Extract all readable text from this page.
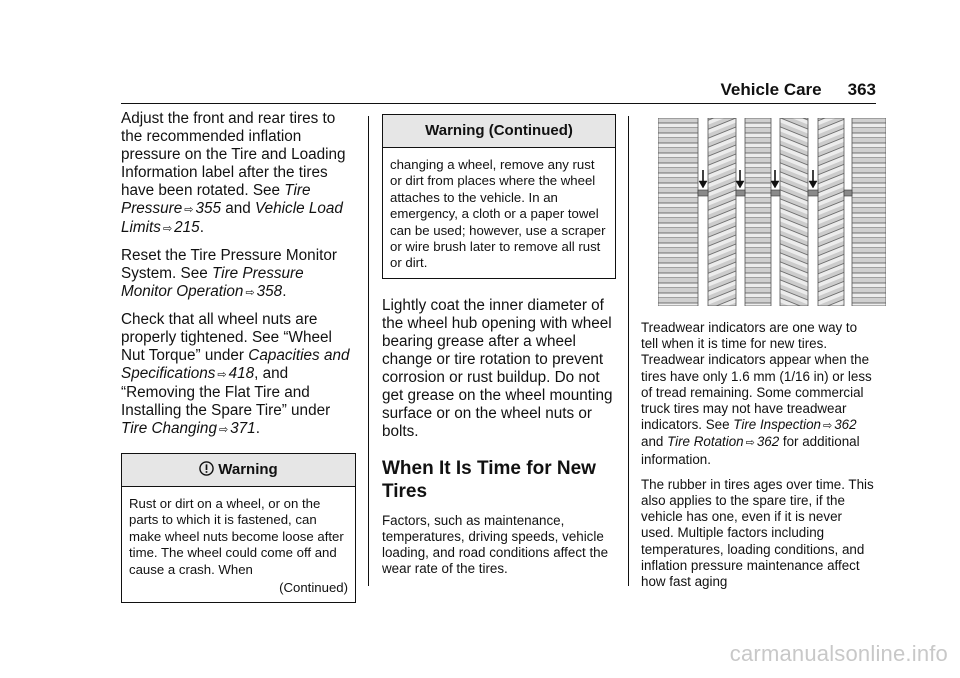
Vehicle Care 363

Adjust the front and rear tires to the recommended inflation pressure on the Tire and Loading Information label after the tires have been rotated. See Tire Pressure ⇨ 355 and Vehicle Load Limits ⇨ 215.

Reset the Tire Pressure Monitor System. See Tire Pressure Monitor Operation ⇨ 358.

Check that all wheel nuts are properly tightened. See “Wheel Nut Torque” under Capacities and Specifications ⇨ 418, and “Removing the Flat Tire and Installing the Spare Tire” under Tire Changing ⇨ 371.

Warning
Rust or dirt on a wheel, or on the parts to which it is fastened, can make wheel nuts become loose after time. The wheel could come off and cause a crash. When
(Continued)
Warning (Continued)
changing a wheel, remove any rust or dirt from places where the wheel attaches to the vehicle. In an emergency, a cloth or a paper towel can be used; however, use a scraper or wire brush later to remove all rust or dirt.

Lightly coat the inner diameter of the wheel hub opening with wheel bearing grease after a wheel change or tire rotation to prevent corrosion or rust buildup. Do not get grease on the wheel mounting surface or on the wheel nuts or bolts.

When It Is Time for New Tires

Factors, such as maintenance, temperatures, driving speeds, vehicle loading, and road conditions affect the wear rate of the tires.

Treadwear indicators are one way to tell when it is time for new tires. Treadwear indicators appear when the tires have only 1.6 mm (1/16 in) or less of tread remaining. Some commercial truck tires may not have treadwear indicators. See Tire Inspection ⇨ 362 and Tire Rotation ⇨ 362 for additional information.

The rubber in tires ages over time. This also applies to the spare tire, if the vehicle has one, even if it is never used. Multiple factors including temperatures, loading conditions, and inflation pressure maintenance affect how fast aging

carmanualsonline.info
